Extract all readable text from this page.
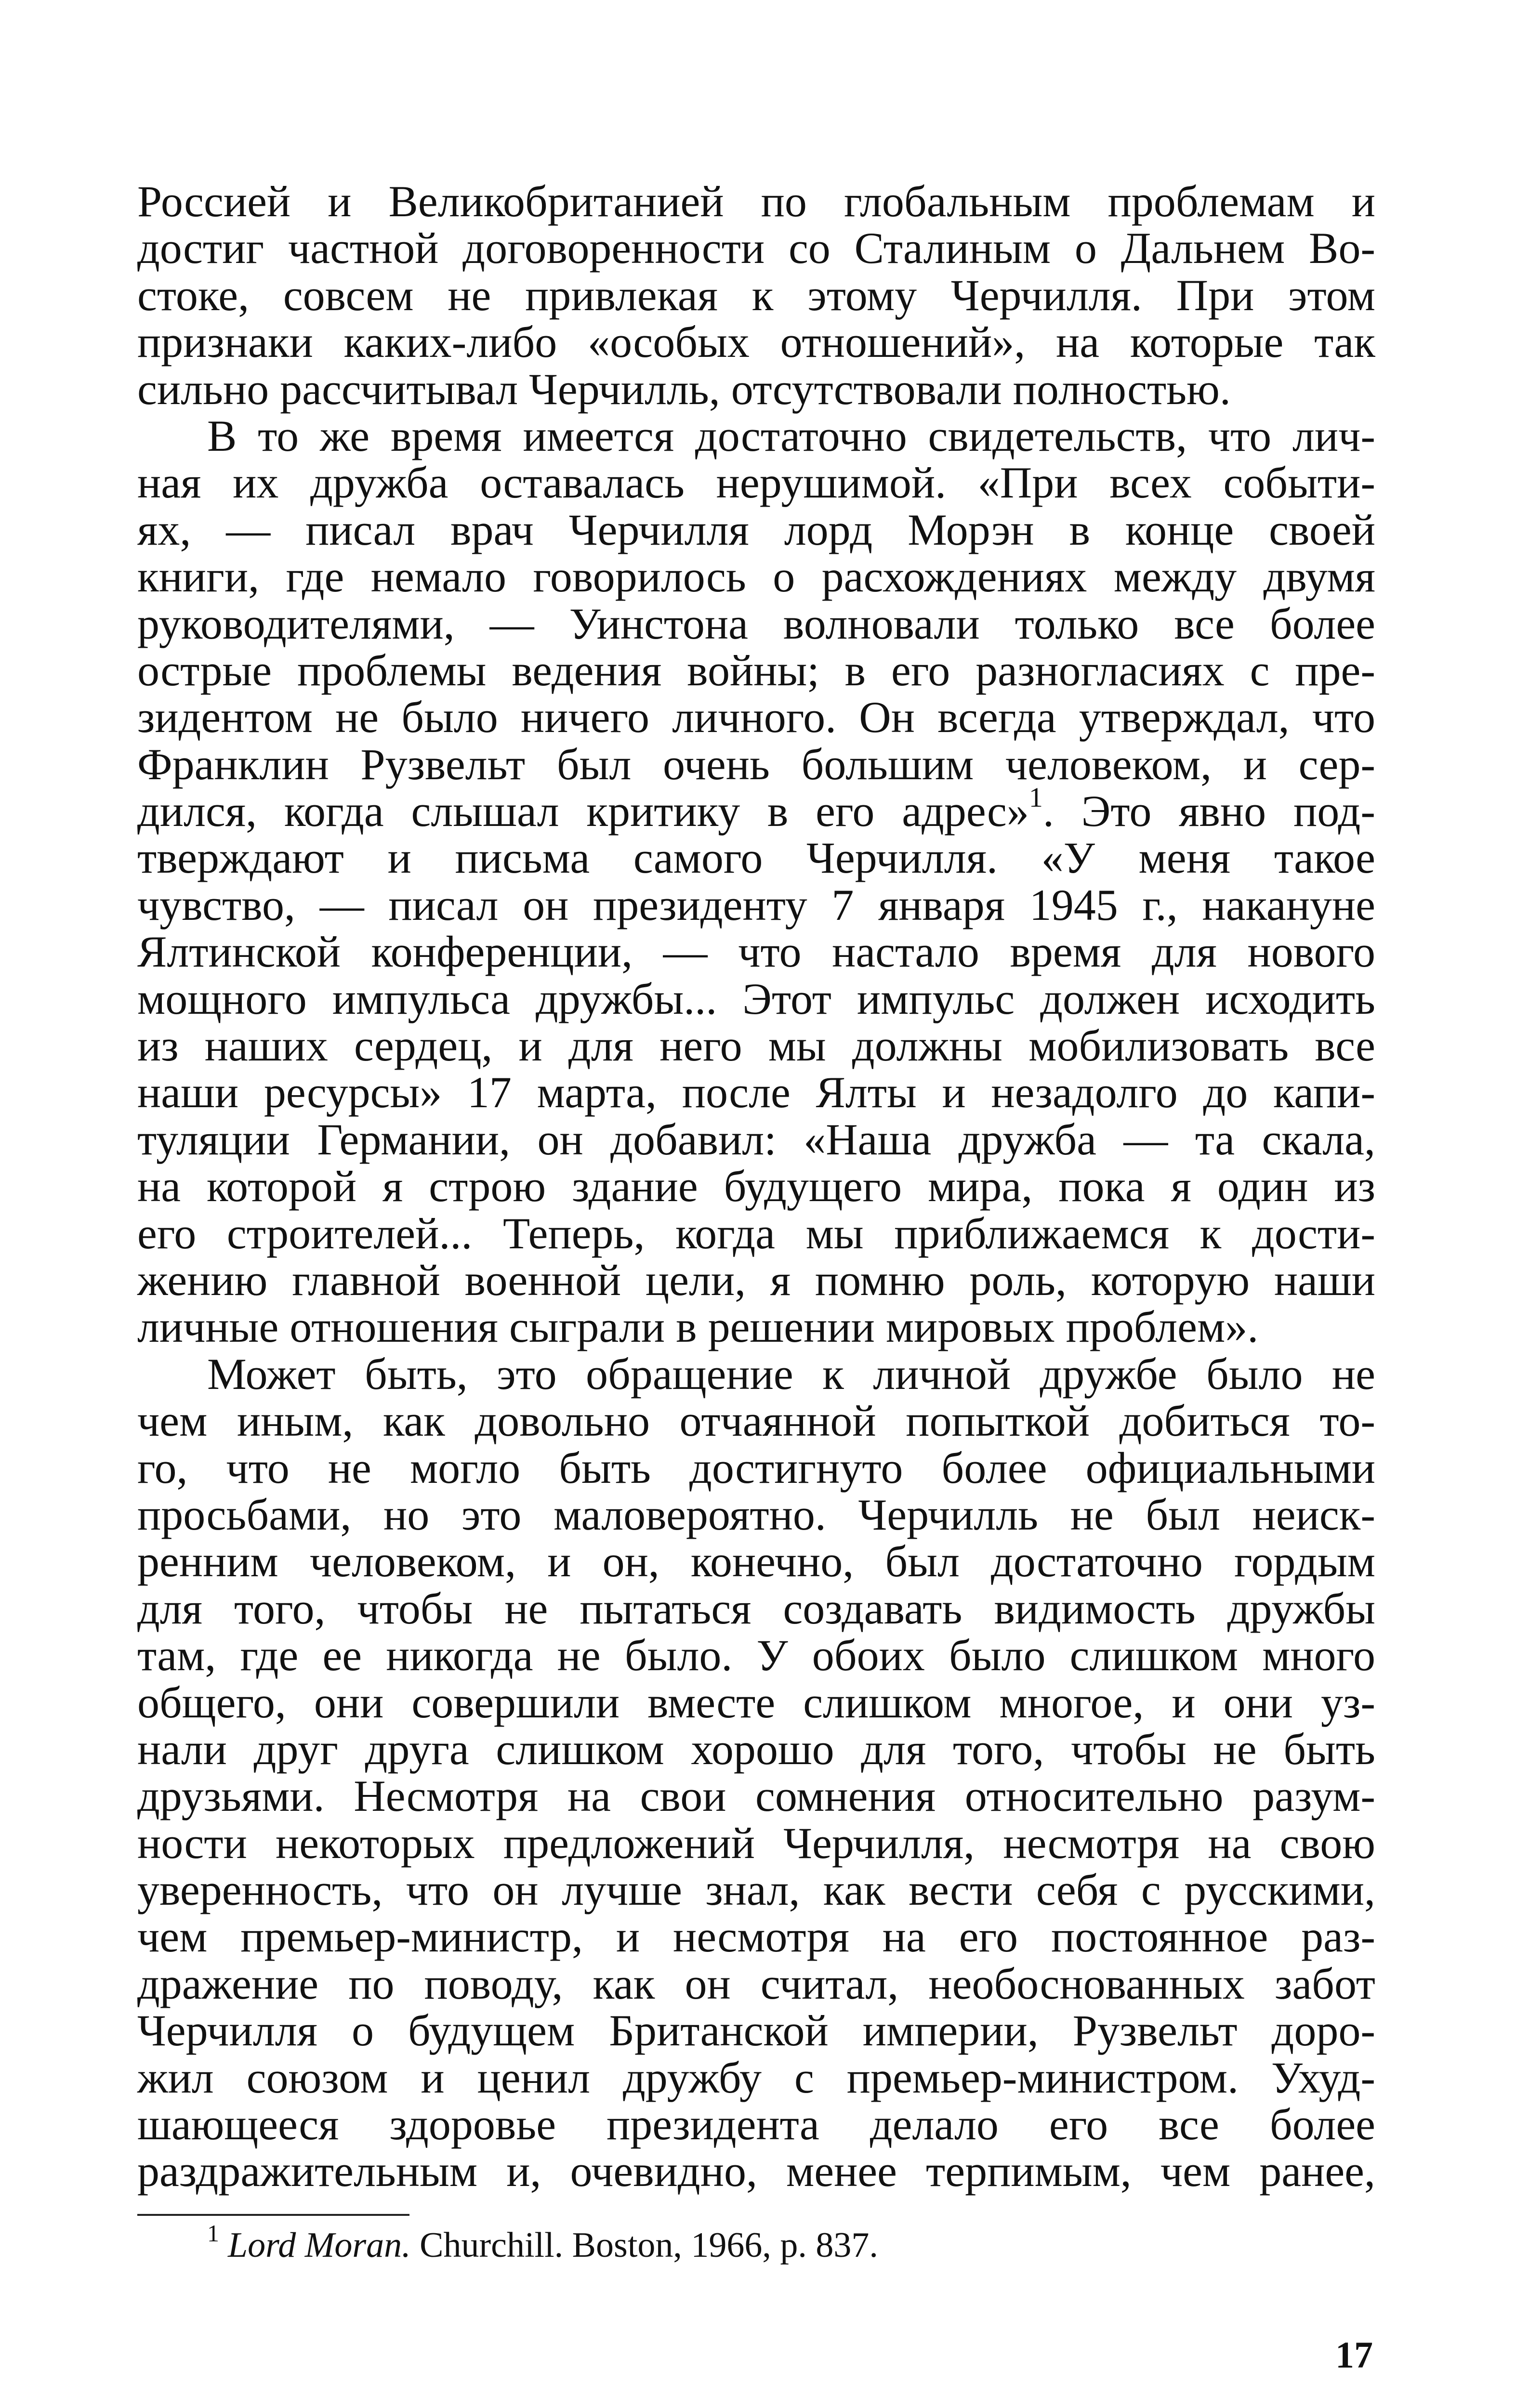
Россией и Великобританией по глобальным проблемам и
достиг частной договоренности со Сталиным о Дальнем Во-
стоке, совсем не привлекая к этому Черчилля. При этом
признаки каких-либо «особых отношений», на которые так
сильно рассчитывал Черчилль, отсутствовали полностью.
В то же время имеется достаточно свидетельств, что лич-
ная их дружба оставалась нерушимой. «При всех событи-
ях, — писал врач Черчилля лорд Морэн в конце своей
книги, где немало говорилось о расхождениях между двумя
руководителями, — Уинстона волновали только все более
острые проблемы ведения войны; в его разногласиях с пре-
зидентом не было ничего личного. Он всегда утверждал, что
Франклин Рузвельт был очень большим человеком, и сер-
дился, когда слышал критику в его адрес»$^1$. Это явно под-
тверждают и письма самого Черчилля. «У меня такое
чувство, — писал он президенту 7 января 1945 г., накануне
Ялтинской конференции, — что настало время для нового
мощного импульса дружбы... Этот импульс должен исходить
из наших сердец, и для него мы должны мобилизовать все
наши ресурсы» 17 марта, после Ялты и незадолго до капи-
туляции Германии, он добавил: «Наша дружба — та скала,
на которой я строю здание будущего мира, пока я один из
его строителей... Теперь, когда мы приближаемся к дости-
жению главной военной цели, я помню роль, которую наши
личные отношения сыграли в решении мировых проблем».
Может быть, это обращение к личной дружбе было не
чем иным, как довольно отчаянной попыткой добиться то-
го, что не могло быть достигнуто более официальными
просьбами, но это маловероятно. Черчилль не был неиск-
ренним человеком, и он, конечно, был достаточно гордым
для того, чтобы не пытаться создавать видимость дружбы
там, где ее никогда не было. У обоих было слишком много
общего, они совершили вместе слишком многое, и они уз-
нали друг друга слишком хорошо для того, чтобы не быть
друзьями. Несмотря на свои сомнения относительно разум-
ности некоторых предложений Черчилля, несмотря на свою
уверенность, что он лучше знал, как вести себя с русскими,
чем премьер-министр, и несмотря на его постоянное раз-
дражение по поводу, как он считал, необоснованных забот
Черчилля о будущем Британской империи, Рузвельт доро-
жил союзом и ценил дружбу с премьер-министром. Ухуд-
шающееся здоровье президента делало его все более
раздражительным и, очевидно, менее терпимым, чем ранее,
$^1$ Lord Moran. Churchill. Boston, 1966, p. 837.
17
